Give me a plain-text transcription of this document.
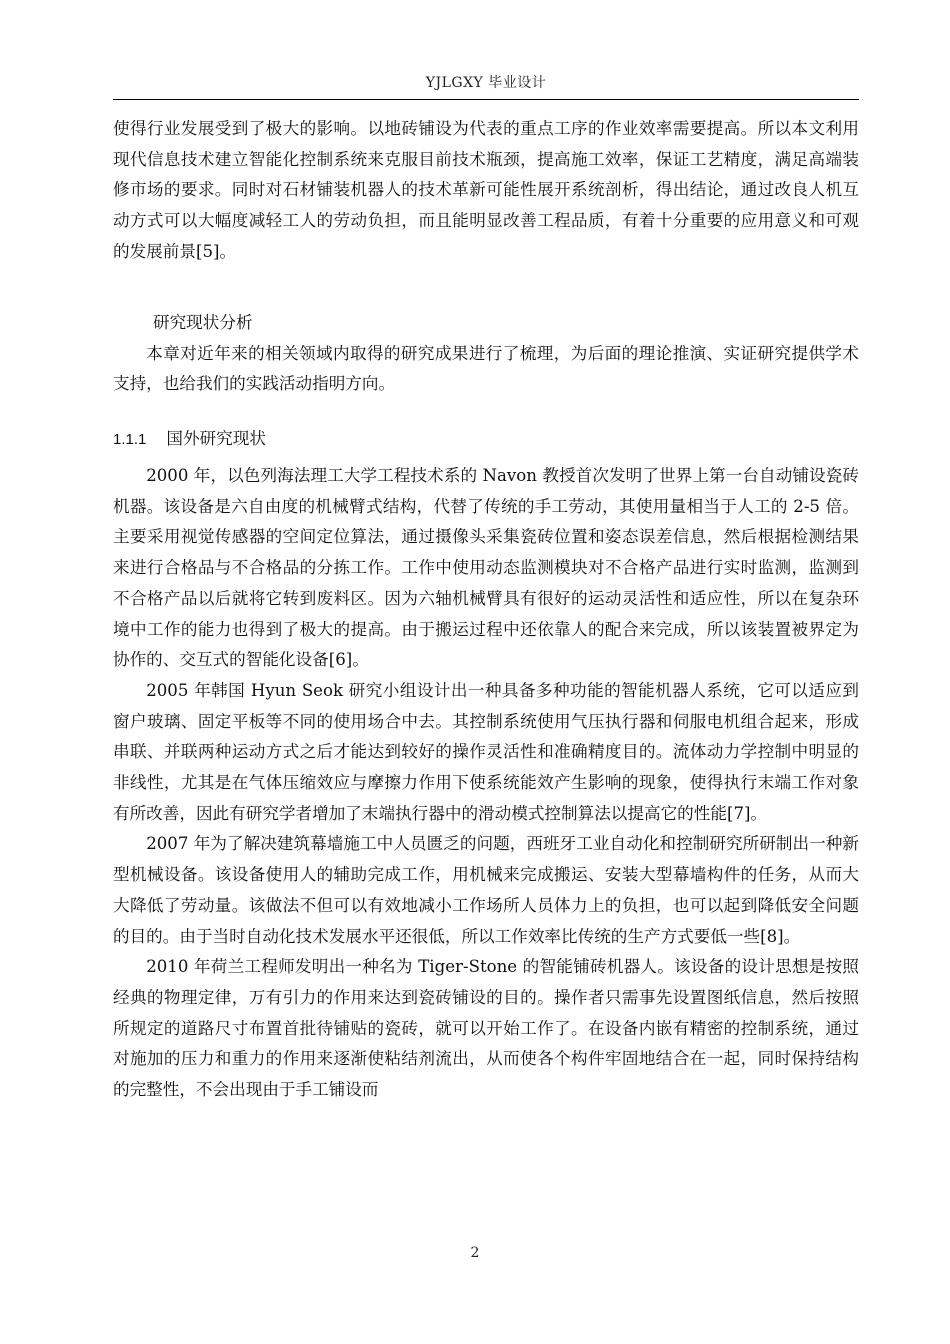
YJLGXY 毕业设计

使得行业发展受到了极大的影响。以地砖铺设为代表的重点工序的作业效率需要提高。所以本文利用现代信息技术建立智能化控制系统来克服目前技术瓶颈，提高施工效率，保证工艺精度，满足高端装修市场的要求。同时对石材铺装机器人的技术革新可能性展开系统剖析，得出结论，通过改良人机互动方式可以大幅度减轻工人的劳动负担，而且能明显改善工程品质，有着十分重要的应用意义和可观的发展前景[5]。

研究现状分析

本章对近年来的相关领域内取得的研究成果进行了梳理，为后面的理论推演、实证研究提供学术支持，也给我们的实践活动指明方向。

1.1.1 国外研究现状

2000 年，以色列海法理工大学工程技术系的 Navon 教授首次发明了世界上第一台自动铺设瓷砖机器。该设备是六自由度的机械臂式结构，代替了传统的手工劳动，其使用量相当于人工的 2-5 倍。主要采用视觉传感器的空间定位算法，通过摄像头采集瓷砖位置和姿态误差信息，然后根据检测结果来进行合格品与不合格品的分拣工作。工作中使用动态监测模块对不合格产品进行实时监测，监测到不合格产品以后就将它转到废料区。因为六轴机械臂具有很好的运动灵活性和适应性，所以在复杂环境中工作的能力也得到了极大的提高。由于搬运过程中还依靠人的配合来完成，所以该装置被界定为协作的、交互式的智能化设备[6]。

2005 年韩国 Hyun Seok 研究小组设计出一种具备多种功能的智能机器人系统，它可以适应到窗户玻璃、固定平板等不同的使用场合中去。其控制系统使用气压执行器和伺服电机组合起来，形成串联、并联两种运动方式之后才能达到较好的操作灵活性和准确精度目的。流体动力学控制中明显的非线性，尤其是在气体压缩效应与摩擦力作用下使系统能效产生影响的现象，使得执行末端工作对象有所改善，因此有研究学者增加了末端执行器中的滑动模式控制算法以提高它的性能[7]。

2007 年为了解决建筑幕墙施工中人员匮乏的问题，西班牙工业自动化和控制研究所研制出一种新型机械设备。该设备使用人的辅助完成工作，用机械来完成搬运、安装大型幕墙构件的任务，从而大大降低了劳动量。该做法不但可以有效地减小工作场所人员体力上的负担，也可以起到降低安全问题的目的。由于当时自动化技术发展水平还很低，所以工作效率比传统的生产方式要低一些[8]。

2010 年荷兰工程师发明出一种名为 Tiger-Stone 的智能铺砖机器人。该设备的设计思想是按照经典的物理定律，万有引力的作用来达到瓷砖铺设的目的。操作者只需事先设置图纸信息，然后按照所规定的道路尺寸布置首批待铺贴的瓷砖，就可以开始工作了。在设备内嵌有精密的控制系统，通过对施加的压力和重力的作用来逐渐使粘结剂流出，从而使各个构件牢固地结合在一起，同时保持结构的完整性，不会出现由于手工铺设而

2
